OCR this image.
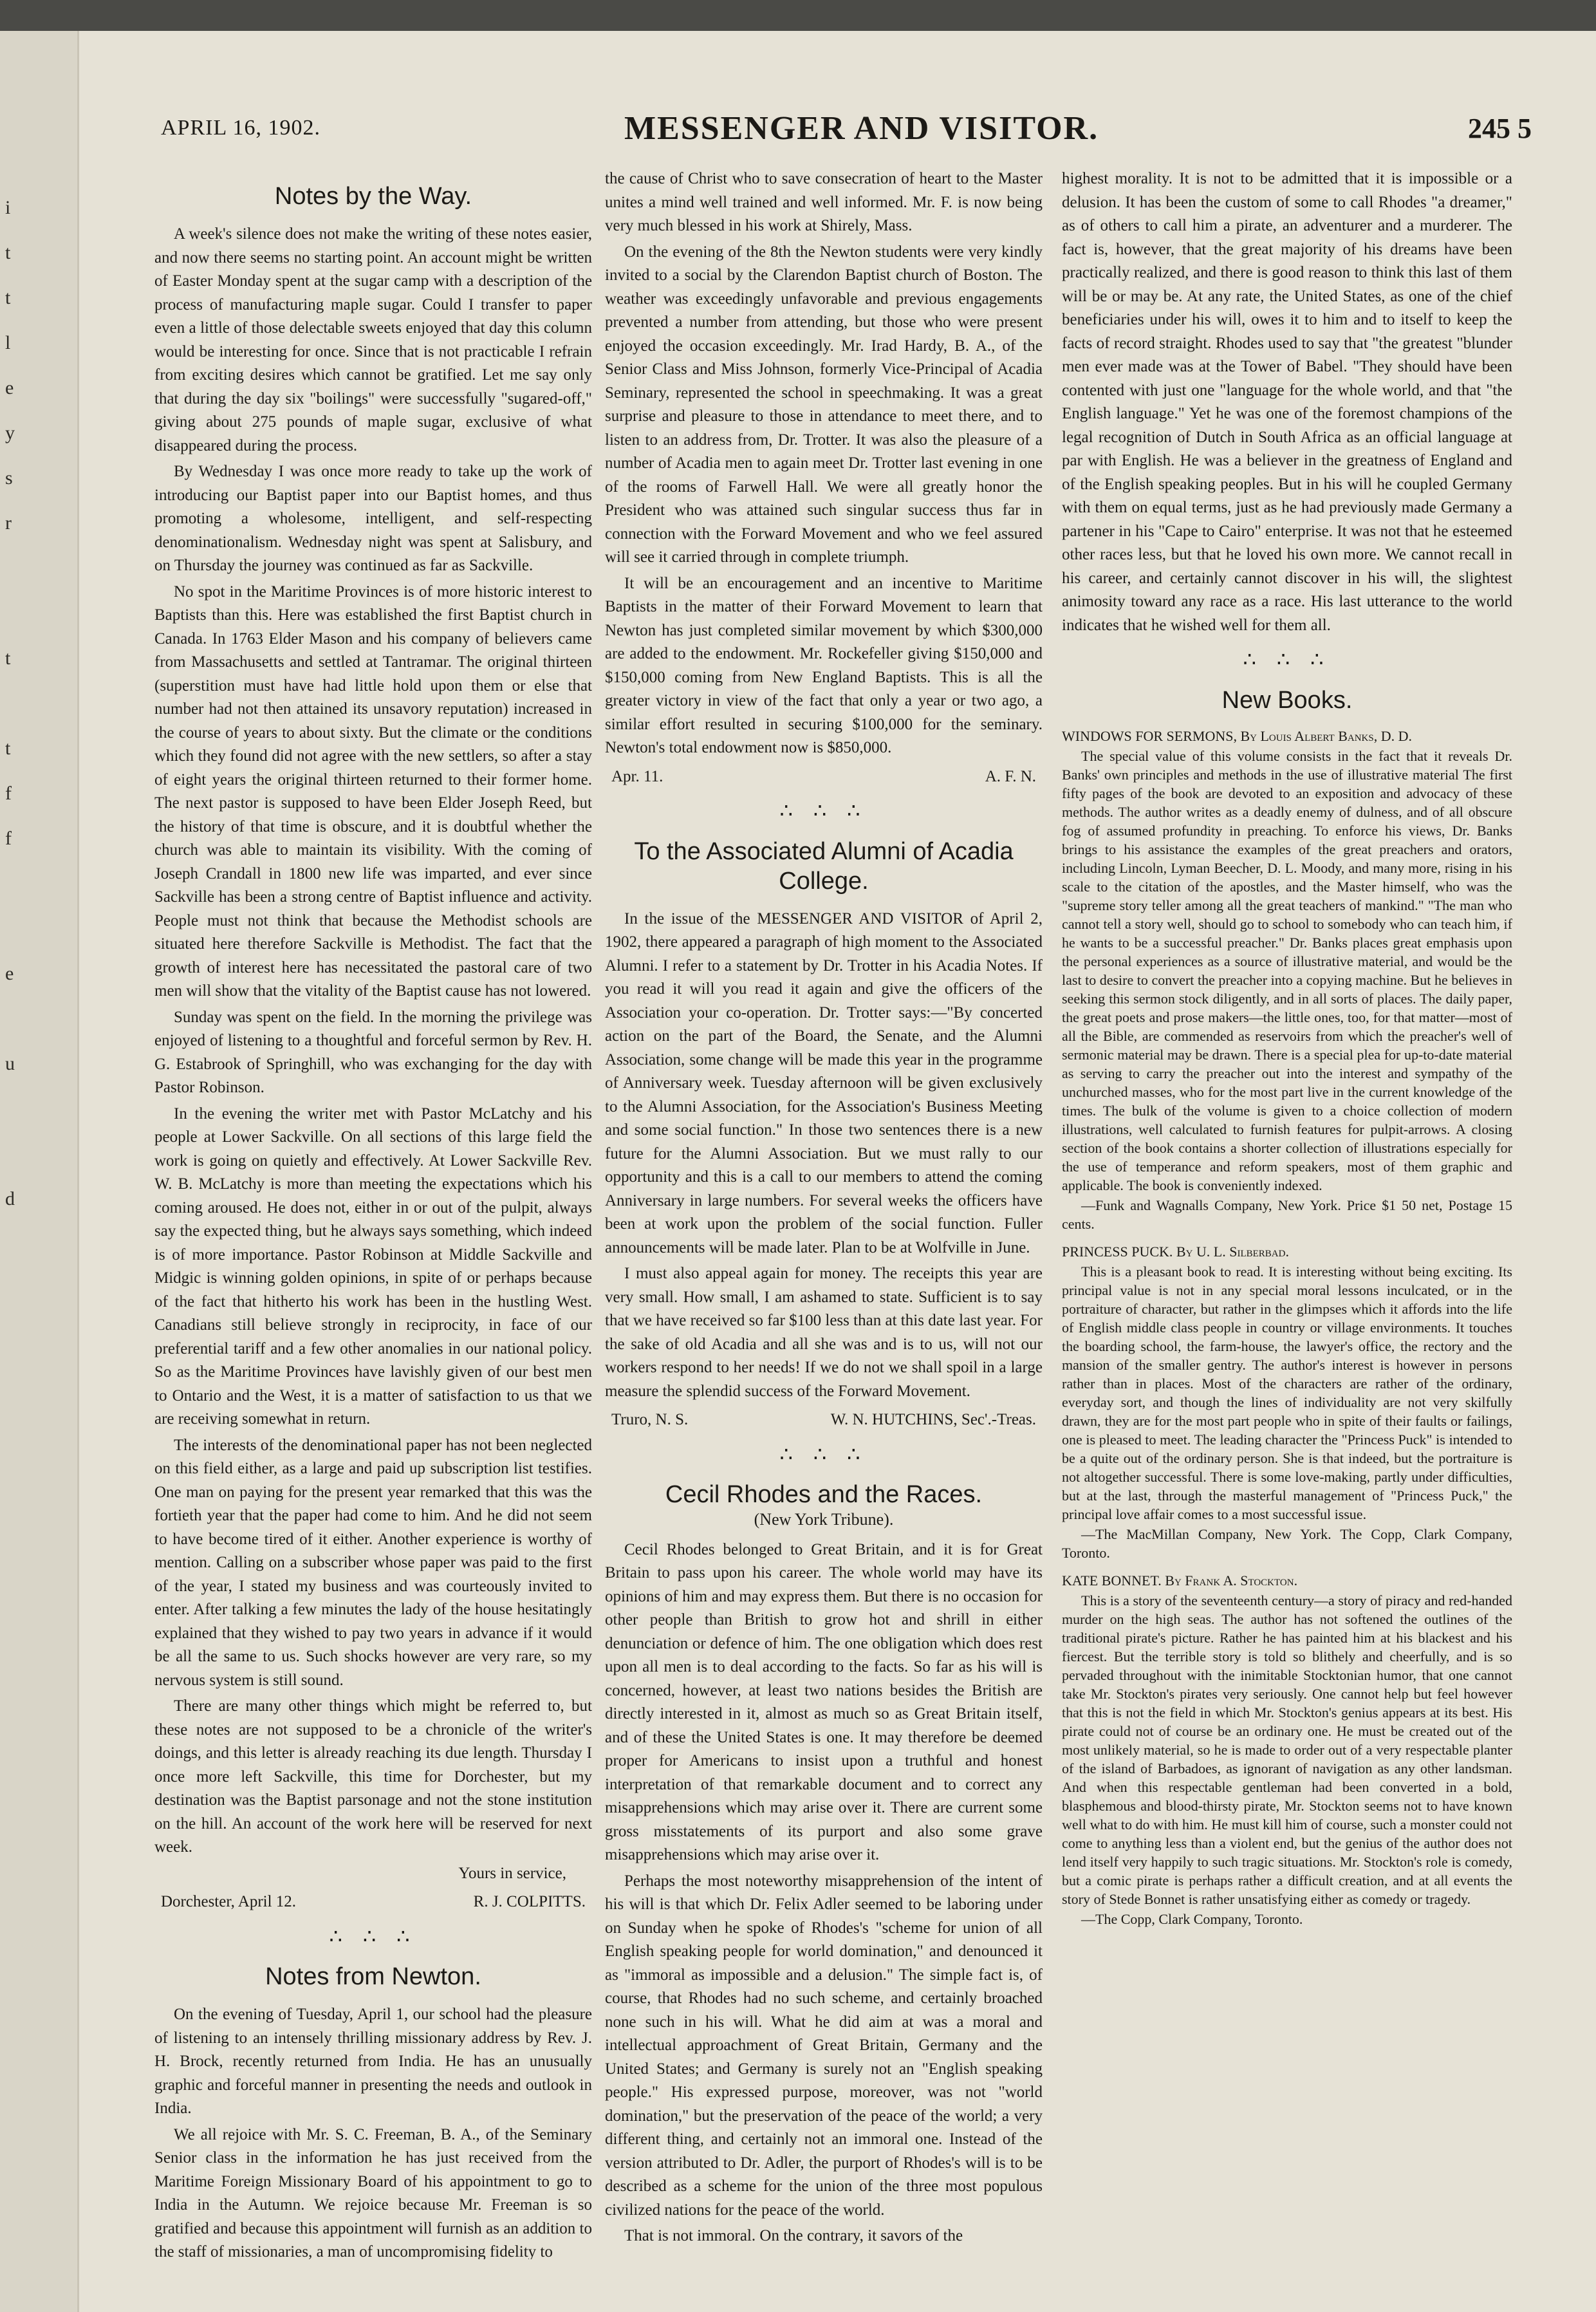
i
t
t
l
e
y
s
r

t

t
f
f

e

u

d
APRIL 16, 1902.	MESSENGER AND VISITOR.	245 5
Notes by the Way.

A week's silence does not make the writing of these notes easier, and now there seems no starting point. An account might be written of Easter Monday spent at the sugar camp with a description of the process of manufacturing maple sugar. Could I transfer to paper even a little of those delectable sweets enjoyed that day this column would be interesting for once. Since that is not practicable I refrain from exciting desires which cannot be gratified. Let me say only that during the day six "boilings" were successfully "sugared-off," giving about 275 pounds of maple sugar, exclusive of what disappeared during the process.

By Wednesday I was once more ready to take up the work of introducing our Baptist paper into our Baptist homes, and thus promoting a wholesome, intelligent, and self-respecting denominationalism. Wednesday night was spent at Salisbury, and on Thursday the journey was continued as far as Sackville.

No spot in the Maritime Provinces is of more historic interest to Baptists than this. Here was established the first Baptist church in Canada. In 1763 Elder Mason and his company of believers came from Massachusetts and settled at Tantramar. The original thirteen (superstition must have had little hold upon them or else that number had not then attained its unsavory reputation) increased in the course of years to about sixty. But the climate or the conditions which they found did not agree with the new settlers, so after a stay of eight years the original thirteen returned to their former home. The next pastor is supposed to have been Elder Joseph Reed, but the history of that time is obscure, and it is doubtful whether the church was able to maintain its visibility. With the coming of Joseph Crandall in 1800 new life was imparted, and ever since Sackville has been a strong centre of Baptist influence and activity. People must not think that because the Methodist schools are situated here therefore Sackville is Methodist. The fact that the growth of interest here has necessitated the pastoral care of two men will show that the vitality of the Baptist cause has not lowered.

Sunday was spent on the field. In the morning the privilege was enjoyed of listening to a thoughtful and forceful sermon by Rev. H. G. Estabrook of Springhill, who was exchanging for the day with Pastor Robinson.

In the evening the writer met with Pastor McLatchy and his people at Lower Sackville. On all sections of this large field the work is going on quietly and effectively. At Lower Sackville Rev. W. B. McLatchy is more than meeting the expectations which his coming aroused. He does not, either in or out of the pulpit, always say the expected thing, but he always says something, which indeed is of more importance. Pastor Robinson at Middle Sackville and Midgic is winning golden opinions, in spite of or perhaps because of the fact that hitherto his work has been in the hustling West. Canadians still believe strongly in reciprocity, in face of our preferential tariff and a few other anomalies in our national policy. So as the Maritime Provinces have lavishly given of our best men to Ontario and the West, it is a matter of satisfaction to us that we are receiving somewhat in return.

The interests of the denominational paper has not been neglected on this field either, as a large and paid up subscription list testifies. One man on paying for the present year remarked that this was the fortieth year that the paper had come to him. And he did not seem to have become tired of it either. Another experience is worthy of mention. Calling on a subscriber whose paper was paid to the first of the year, I stated my business and was courteously invited to enter. After talking a few minutes the lady of the house hesitatingly explained that they wished to pay two years in advance if it would be all the same to us. Such shocks however are very rare, so my nervous system is still sound.

There are many other things which might be referred to, but these notes are not supposed to be a chronicle of the writer's doings, and this letter is already reaching its due length. Thursday I once more left Sackville, this time for Dorchester, but my destination was the Baptist parsonage and not the stone institution on the hill. An account of the work here will be reserved for next week.

Yours in service,
Dorchester, April 12.	R. J. COLPITTS.
∴ ∴ ∴
Notes from Newton.

On the evening of Tuesday, April 1, our school had the pleasure of listening to an intensely thrilling missionary address by Rev. J. H. Brock, recently returned from India. He has an unusually graphic and forceful manner in presenting the needs and outlook in India.

We all rejoice with Mr. S. C. Freeman, B. A., of the Seminary Senior class in the information he has just received from the Maritime Foreign Missionary Board of his appointment to go to India in the Autumn. We rejoice because Mr. Freeman is so gratified and because this appointment will furnish as an addition to the staff of missionaries, a man of uncompromising fidelity to

the cause of Christ who to save consecration of heart to the Master unites a mind well trained and well informed. Mr. F. is now being very much blessed in his work at Shirely, Mass.

On the evening of the 8th the Newton students were very kindly invited to a social by the Clarendon Baptist church of Boston. The weather was exceedingly unfavorable and previous engagements prevented a number from attending, but those who were present enjoyed the occasion exceedingly. Mr. Irad Hardy, B. A., of the Senior Class and Miss Johnson, formerly Vice-Principal of Acadia Seminary, represented the school in speechmaking. It was a great surprise and pleasure to those in attendance to meet there, and to listen to an address from, Dr. Trotter. It was also the pleasure of a number of Acadia men to again meet Dr. Trotter last evening in one of the rooms of Farwell Hall. We were all greatly honor the President who was attained such singular success thus far in connection with the Forward Movement and who we feel assured will see it carried through in complete triumph.

It will be an encouragement and an incentive to Maritime Baptists in the matter of their Forward Movement to learn that Newton has just completed similar movement by which $300,000 are added to the endowment. Mr. Rockefeller giving $150,000 and $150,000 coming from New England Baptists. This is all the greater victory in view of the fact that only a year or two ago, a similar effort resulted in securing $100,000 for the seminary. Newton's total endowment now is $850,000.

Apr. 11.	A. F. N.
∴ ∴ ∴
To the Associated Alumni of Acadia College.

In the issue of the MESSENGER AND VISITOR of April 2, 1902, there appeared a paragraph of high moment to the Associated Alumni. I refer to a statement by Dr. Trotter in his Acadia Notes. If you read it will you read it again and give the officers of the Association your co-operation. Dr. Trotter says:—"By concerted action on the part of the Board, the Senate, and the Alumni Association, some change will be made this year in the programme of Anniversary week. Tuesday afternoon will be given exclusively to the Alumni Association, for the Association's Business Meeting and some social function." In those two sentences there is a new future for the Alumni Association. But we must rally to our opportunity and this is a call to our members to attend the coming Anniversary in large numbers. For several weeks the officers have been at work upon the problem of the social function. Fuller announcements will be made later. Plan to be at Wolfville in June.

I must also appeal again for money. The receipts this year are very small. How small, I am ashamed to state. Sufficient is to say that we have received so far $100 less than at this date last year. For the sake of old Acadia and all she was and is to us, will not our workers respond to her needs! If we do not we shall spoil in a large measure the splendid success of the Forward Movement.

Truro, N. S.	W. N. HUTCHINS, Sec'.-Treas.
∴ ∴ ∴
Cecil Rhodes and the Races.
(New York Tribune).

Cecil Rhodes belonged to Great Britain, and it is for Great Britain to pass upon his career. The whole world may have its opinions of him and may express them. But there is no occasion for other people than British to grow hot and shrill in either denunciation or defence of him. The one obligation which does rest upon all men is to deal according to the facts. So far as his will is concerned, however, at least two nations besides the British are directly interested in it, almost as much so as Great Britain itself, and of these the United States is one. It may therefore be deemed proper for Americans to insist upon a truthful and honest interpretation of that remarkable document and to correct any misapprehensions which may arise over it. There are current some gross misstatements of its purport and also some grave misapprehensions which may arise over it.

Perhaps the most noteworthy misapprehension of the intent of his will is that which Dr. Felix Adler seemed to be laboring under on Sunday when he spoke of Rhodes's "scheme for union of all English speaking people for world domination," and denounced it as "immoral as impossible and a delusion." The simple fact is, of course, that Rhodes had no such scheme, and certainly broached none such in his will. What he did aim at was a moral and intellectual approachment of Great Britain, Germany and the United States; and Germany is surely not an "English speaking people." His expressed purpose, moreover, was not "world domination," but the preservation of the peace of the world; a very different thing, and certainly not an immoral one. Instead of the version attributed to Dr. Adler, the purport of Rhodes's will is to be described as a scheme for the union of the three most populous civilized nations for the peace of the world.

That is not immoral. On the contrary, it savors of the

highest morality. It is not to be admitted that it is impossible or a delusion. It has been the custom of some to call Rhodes "a dreamer," as of others to call him a pirate, an adventurer and a murderer. The fact is, however, that the great majority of his dreams have been practically realized, and there is good reason to think this last of them will be or may be. At any rate, the United States, as one of the chief beneficiaries under his will, owes it to him and to itself to keep the facts of record straight. Rhodes used to say that "the greatest "blunder men ever made was at the Tower of Babel. "They should have been contented with just one "language for the whole world, and that "the English language." Yet he was one of the foremost champions of the legal recognition of Dutch in South Africa as an official language at par with English. He was a believer in the greatness of England and of the English speaking peoples. But in his will he coupled Germany with them on equal terms, just as he had previously made Germany a partener in his "Cape to Cairo" enterprise. It was not that he esteemed other races less, but that he loved his own more. We cannot recall in his career, and certainly cannot discover in his will, the slightest animosity toward any race as a race. His last utterance to the world indicates that he wished well for them all.

∴ ∴ ∴
New Books.

WINDOWS FOR SERMONS, By Louis Albert Banks, D. D.

The special value of this volume consists in the fact that it reveals Dr. Banks' own principles and methods in the use of illustrative material The first fifty pages of the book are devoted to an exposition and advocacy of these methods. The author writes as a deadly enemy of dulness, and of all obscure fog of assumed profundity in preaching. To enforce his views, Dr. Banks brings to his assistance the examples of the great preachers and orators, including Lincoln, Lyman Beecher, D. L. Moody, and many more, rising in his scale to the citation of the apostles, and the Master himself, who was the "supreme story teller among all the great teachers of mankind." "The man who cannot tell a story well, should go to school to somebody who can teach him, if he wants to be a successful preacher." Dr. Banks places great emphasis upon the personal experiences as a source of illustrative material, and would be the last to desire to convert the preacher into a copying machine. But he believes in seeking this sermon stock diligently, and in all sorts of places. The daily paper, the great poets and prose makers—the little ones, too, for that matter—most of all the Bible, are commended as reservoirs from which the preacher's well of sermonic material may be drawn. There is a special plea for up-to-date material as serving to carry the preacher out into the interest and sympathy of the unchurched masses, who for the most part live in the current knowledge of the times. The bulk of the volume is given to a choice collection of modern illustrations, well calculated to furnish features for pulpit-arrows. A closing section of the book contains a shorter collection of illustrations especially for the use of temperance and reform speakers, most of them graphic and applicable. The book is conveniently indexed.

—Funk and Wagnalls Company, New York. Price $1 50 net, Postage 15 cents.

PRINCESS PUCK. By U. L. Silberbad.

This is a pleasant book to read. It is interesting without being exciting. Its principal value is not in any special moral lessons inculcated, or in the portraiture of character, but rather in the glimpses which it affords into the life of English middle class people in country or village environments. It touches the boarding school, the farm-house, the lawyer's office, the rectory and the mansion of the smaller gentry. The author's interest is however in persons rather than in places. Most of the characters are rather of the ordinary, everyday sort, and though the lines of individuality are not very skilfully drawn, they are for the most part people who in spite of their faults or failings, one is pleased to meet. The leading character the "Princess Puck" is intended to be a quite out of the ordinary person. She is that indeed, but the portraiture is not altogether successful. There is some love-making, partly under difficulties, but at the last, through the masterful management of "Princess Puck," the principal love affair comes to a most successful issue.

—The MacMillan Company, New York. The Copp, Clark Company, Toronto.

KATE BONNET. By Frank A. Stockton.

This is a story of the seventeenth century—a story of piracy and red-handed murder on the high seas. The author has not softened the outlines of the traditional pirate's picture. Rather he has painted him at his blackest and his fiercest. But the terrible story is told so blithely and cheerfully, and is so pervaded throughout with the inimitable Stocktonian humor, that one cannot take Mr. Stockton's pirates very seriously. One cannot help but feel however that this is not the field in which Mr. Stockton's genius appears at its best. His pirate could not of course be an ordinary one. He must be created out of the most unlikely material, so he is made to order out of a very respectable planter of the island of Barbadoes, as ignorant of navigation as any other landsman. And when this respectable gentleman had been converted in a bold, blasphemous and blood-thirsty pirate, Mr. Stockton seems not to have known well what to do with him. He must kill him of course, such a monster could not come to anything less than a violent end, but the genius of the author does not lend itself very happily to such tragic situations. Mr. Stockton's role is comedy, but a comic pirate is perhaps rather a difficult creation, and at all events the story of Stede Bonnet is rather unsatisfying either as comedy or tragedy.

—The Copp, Clark Company, Toronto.
